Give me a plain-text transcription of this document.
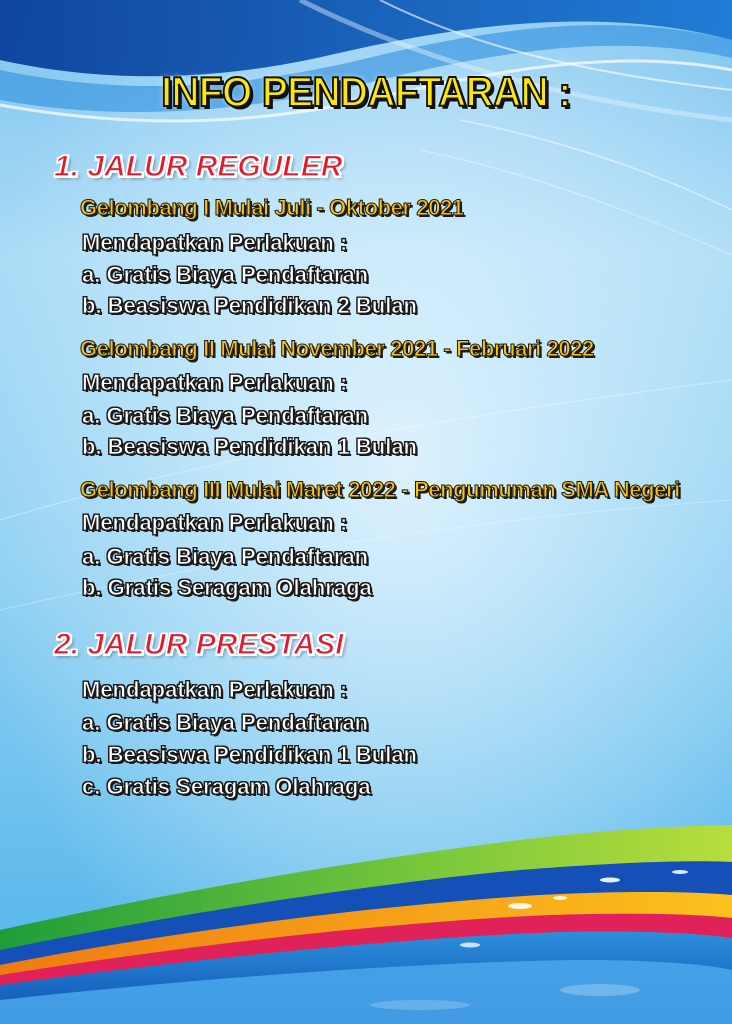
INFO PENDAFTARAN :
1. JALUR REGULER
Gelombang I Mulai Juli - Oktober 2021
Mendapatkan Perlakuan :
a. Gratis Biaya Pendaftaran
b. Beasiswa Pendidikan 2 Bulan
Gelombang II Mulai November 2021 - Februari 2022
Mendapatkan Perlakuan :
a. Gratis Biaya Pendaftaran
b. Beasiswa Pendidikan 1 Bulan
Gelombang III Mulai Maret 2022 - Pengumuman SMA Negeri
Mendapatkan Perlakuan :
a. Gratis Biaya Pendaftaran
b. Gratis Seragam Olahraga
2. JALUR PRESTASI
Mendapatkan Perlakuan :
a. Gratis Biaya Pendaftaran
b. Beasiswa Pendidikan 1 Bulan
c. Gratis Seragam Olahraga
